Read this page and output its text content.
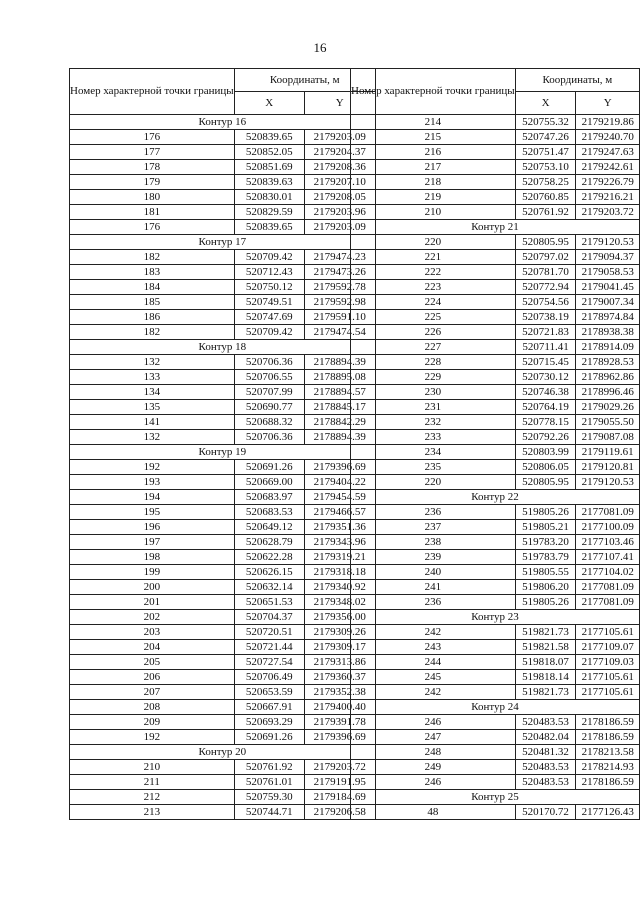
16
Номер характерной точки границы	Координаты, м	
	X	Y
Контур 16		
176	520839.65	2179203.09
177	520852.05	2179204.37
178	520851.69	2179208.36
179	520839.63	2179207.10
180	520830.01	2179208.05
181	520829.59	2179203.96
176	520839.65	2179203.09
Контур 17		
182	520709.42	2179474.23
183	520712.43	2179473.26
184	520750.12	2179592.78
185	520749.51	2179592.98
186	520747.69	2179591.10
182	520709.42	2179474.54
Контур 18		
132	520706.36	2178894.39
133	520706.55	2178895.08
134	520707.99	2178894.57
135	520690.77	2178845.17
141	520688.32	2178842.29
132	520706.36	2178894.39
Контур 19		
192	520691.26	2179396.69
193	520669.00	2179404.22
194	520683.97	2179454.59
195	520683.53	2179466.57
196	520649.12	2179351.36
197	520628.79	2179343.96
198	520622.28	2179319.21
199	520626.15	2179318.18
200	520632.14	2179340.92
201	520651.53	2179348.02
202	520704.37	2179356.00
203	520720.51	2179309.26
204	520721.44	2179309.17
205	520727.54	2179313.86
206	520706.49	2179360.37
207	520653.59	2179352.38
208	520667.91	2179400.40
209	520693.29	2179391.78
192	520691.26	2179396.69
Контур 20		
210	520761.92	2179203.72
211	520761.01	2179191.95
212	520759.30	2179184.69
213	520744.71	2179206.58
Номер характерной точки границы	Координаты, м	
	X	Y
214	520755.32	2179219.86
215	520747.26	2179240.70
216	520751.47	2179247.63
217	520753.10	2179242.61
218	520758.25	2179226.79
219	520760.85	2179216.21
210	520761.92	2179203.72
Контур 21		
220	520805.95	2179120.53
221	520797.02	2179094.37
222	520781.70	2179058.53
223	520772.94	2179041.45
224	520754.56	2179007.34
225	520738.19	2178974.84
226	520721.83	2178938.38
227	520711.41	2178914.09
228	520715.45	2178928.53
229	520730.12	2178962.86
230	520746.38	2178996.46
231	520764.19	2179029.26
232	520778.15	2179055.50
233	520792.26	2179087.08
234	520803.99	2179119.61
235	520806.05	2179120.81
220	520805.95	2179120.53
Контур 22		
236	519805.26	2177081.09
237	519805.21	2177100.09
238	519783.20	2177103.46
239	519783.79	2177107.41
240	519805.55	2177104.02
241	519806.20	2177081.09
236	519805.26	2177081.09
Контур 23		
242	519821.73	2177105.61
243	519821.58	2177109.07
244	519818.07	2177109.03
245	519818.14	2177105.61
242	519821.73	2177105.61
Контур 24		
246	520483.53	2178186.59
247	520482.04	2178186.59
248	520481.32	2178213.58
249	520483.53	2178214.93
246	520483.53	2178186.59
Контур 25		
48	520170.72	2177126.43
